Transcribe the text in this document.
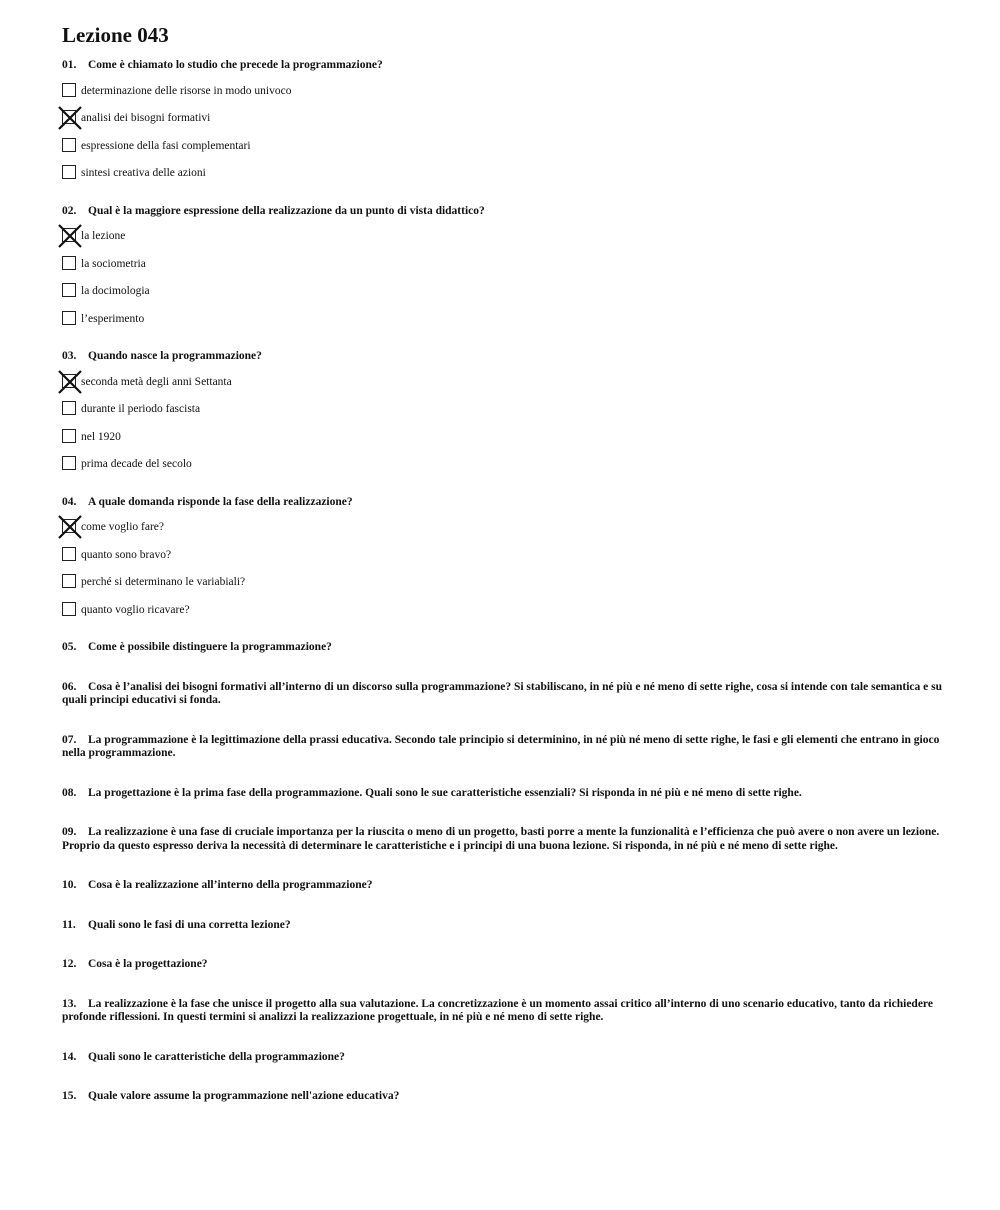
Lezione 043
01. Come è chiamato lo studio che precede la programmazione?
determinazione delle risorse in modo univoco
analisi dei bisogni formativi
espressione della fasi complementari
sintesi creativa delle azioni
02. Qual è la maggiore espressione della realizzazione da un punto di vista didattico?
la lezione
la sociometria
la docimologia
l’esperimento
03. Quando nasce la programmazione?
seconda metà degli anni Settanta
durante il periodo fascista
nel 1920
prima decade del secolo
04. A quale domanda risponde la fase della realizzazione?
come voglio fare?
quanto sono bravo?
perché si determinano le variabiali?
quanto voglio ricavare?
05. Come è possibile distinguere la programmazione?
06. Cosa è l’analisi dei bisogni formativi all’interno di un discorso sulla programmazione? Si stabiliscano, in né più e né meno di sette righe, cosa si intende con tale semantica e su quali principi educativi si fonda.
07. La programmazione è la legittimazione della prassi educativa. Secondo tale principio si determinino, in né più né meno di sette righe, le fasi e gli elementi che entrano in gioco nella programmazione.
08. La progettazione è la prima fase della programmazione. Quali sono le sue caratteristiche essenziali? Si risponda in né più e né meno di sette righe.
09. La realizzazione è una fase di cruciale importanza per la riuscita o meno di un progetto, basti porre a mente la funzionalità e l’efficienza che può avere o non avere un lezione. Proprio da questo espresso deriva la necessità di determinare le caratteristiche e i principi di una buona lezione. Si risponda, in né più e né meno di sette righe.
10. Cosa è la realizzazione all’interno della programmazione?
11. Quali sono le fasi di una corretta lezione?
12. Cosa è la progettazione?
13. La realizzazione è la fase che unisce il progetto alla sua valutazione. La concretizzazione è un momento assai critico all’interno di uno scenario educativo, tanto da richiedere profonde riflessioni. In questi termini si analizzi la realizzazione progettuale, in né più e né meno di sette righe.
14. Quali sono le caratteristiche della programmazione?
15. Quale valore assume la programmazione nell'azione educativa?
